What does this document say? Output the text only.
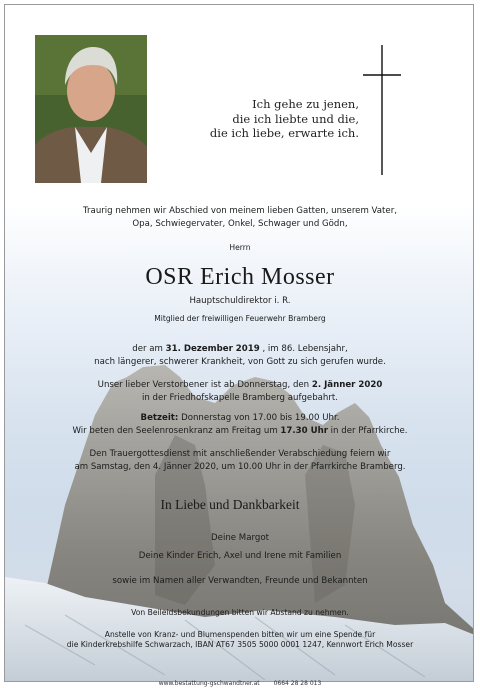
Ich gehe zu jenen,
die ich liebte und die,
die ich liebe, erwarte ich.
Traurig nehmen wir Abschied von meinem lieben Gatten, unserem Vater,
Opa, Schwiegervater, Onkel, Schwager und Gödn,
Herrn
OSR Erich Mosser
Hauptschuldirektor i. R.
Mitglied der freiwilligen Feuerwehr Bramberg
der am 31. Dezember 2019 , im 86. Lebensjahr,
nach längerer, schwerer Krankheit, von Gott zu sich gerufen wurde.
Unser lieber Verstorbener ist ab Donnerstag, den 2. Jänner 2020
in der Friedhofskapelle Bramberg aufgebahrt.
Betzeit: Donnerstag von 17.00 bis 19.00 Uhr.
Wir beten den Seelenrosenkranz am Freitag um 17.30 Uhr in der Pfarrkirche.
Den Trauergottesdienst mit anschließender Verabschiedung feiern wir
am Samstag, den 4. Jänner 2020, um 10.00 Uhr in der Pfarrkirche Bramberg.
In Liebe und Dankbarkeit
Deine Margot
Deine Kinder Erich, Axel und Irene mit Familien
sowie im Namen aller Verwandten, Freunde und Bekannten
Von Beileidsbekundungen bitten wir Abstand zu nehmen.
Anstelle von Kranz- und Blumenspenden bitten wir um eine Spende für
die Kinderkrebshilfe Schwarzach, IBAN AT67 3505 5000 0001 1247, Kennwort Erich Mosser
www.bestattung-gschwandtner.at 0664 28 28 013
